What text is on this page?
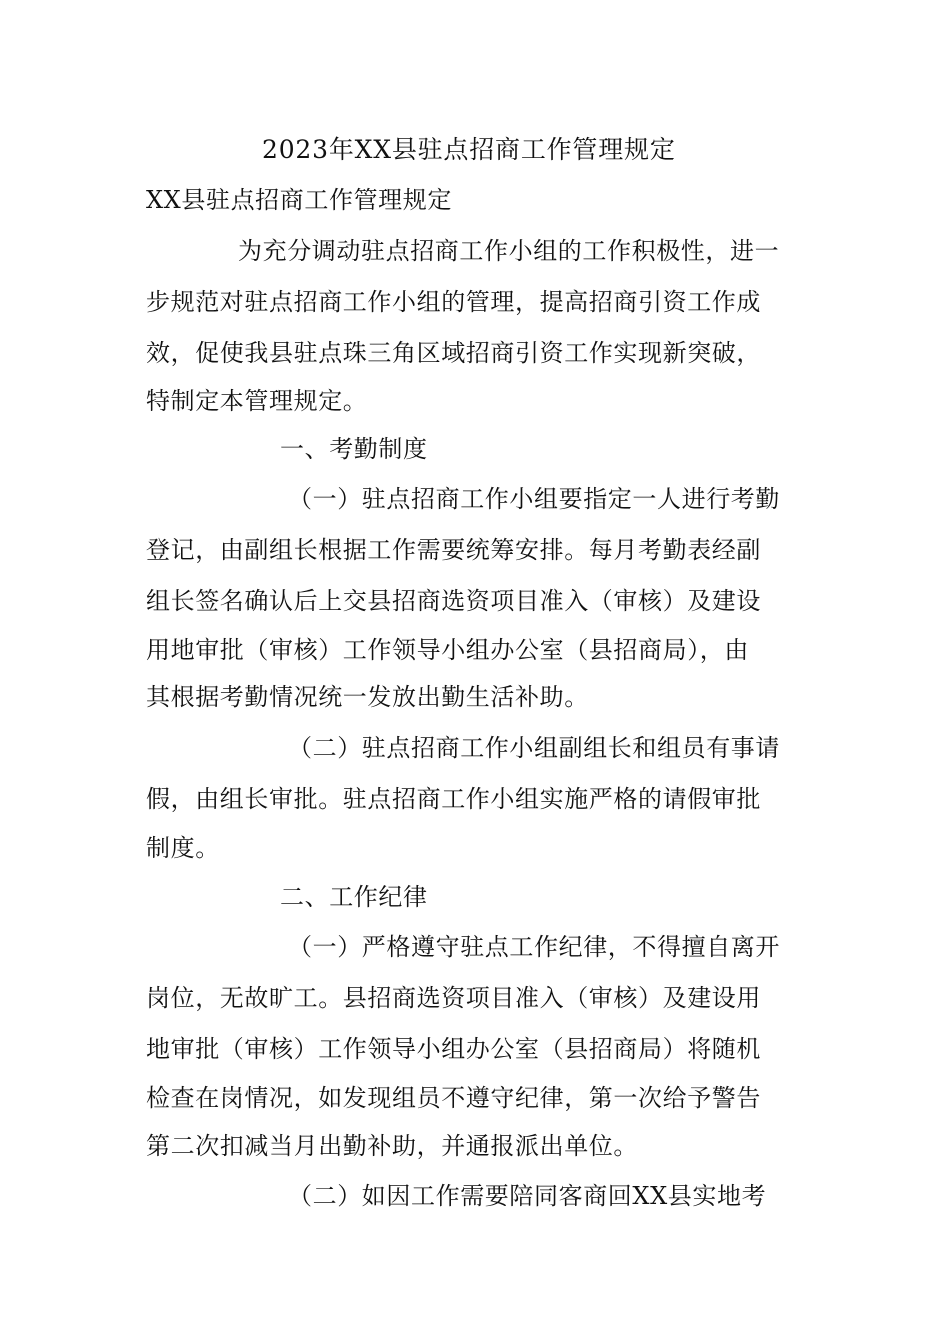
2023年XX县驻点招商工作管理规定
XX县驻点招商工作管理规定
为充分调动驻点招商工作小组的工作积极性，进一
步规范对驻点招商工作小组的管理，提高招商引资工作成
效，促使我县驻点珠三角区域招商引资工作实现新突破，
特制定本管理规定。
一、考勤制度
（一）驻点招商工作小组要指定一人进行考勤
登记，由副组长根据工作需要统筹安排。每月考勤表经副
组长签名确认后上交县招商选资项目准入（审核）及建设
用地审批（审核）工作领导小组办公室（县招商局），由
其根据考勤情况统一发放出勤生活补助。
（二）驻点招商工作小组副组长和组员有事请
假，由组长审批。驻点招商工作小组实施严格的请假审批
制度。
二、工作纪律
（一）严格遵守驻点工作纪律，不得擅自离开
岗位，无故旷工。县招商选资项目准入（审核）及建设用
地审批（审核）工作领导小组办公室（县招商局）将随机
检查在岗情况，如发现组员不遵守纪律，第一次给予警告
第二次扣减当月出勤补助，并通报派出单位。
（二）如因工作需要陪同客商回XX县实地考
